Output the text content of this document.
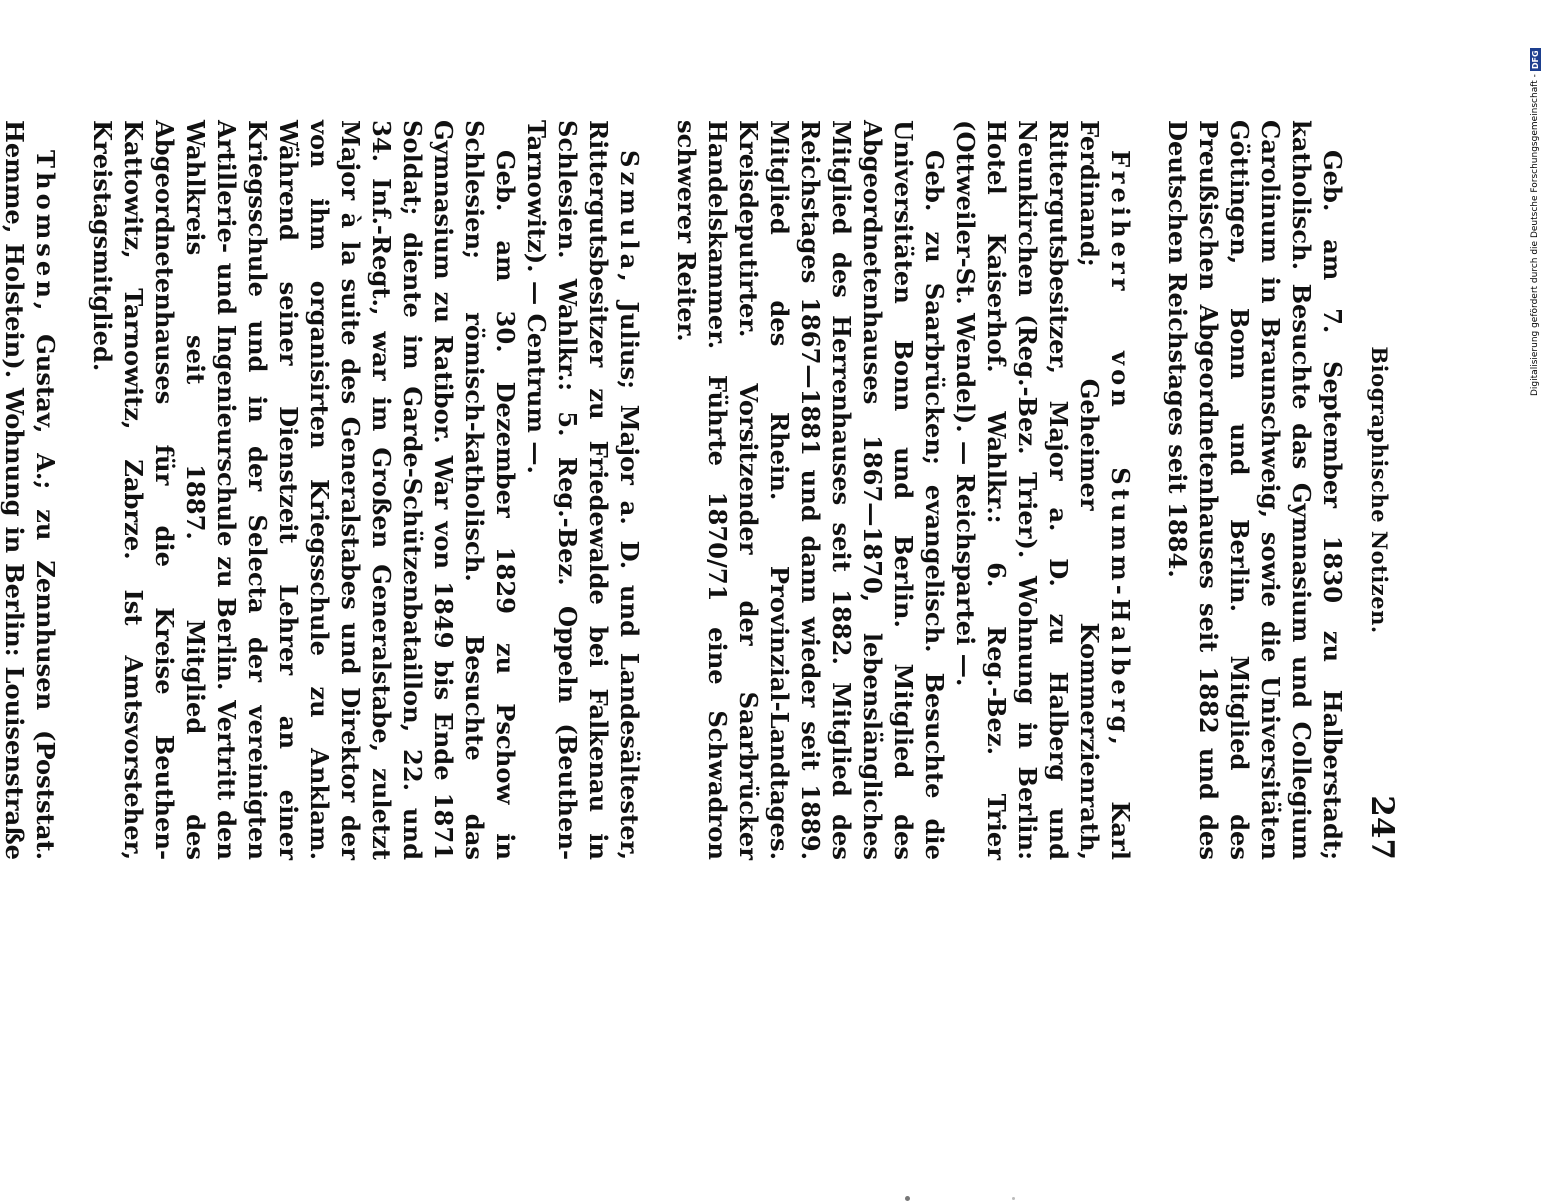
Biographische Notizen.
247

Geb. am 7. September 1830 zu Halberstadt; katholisch. Besuchte das Gymnasium und Collegium Carolinum in Braunschweig, sowie die Universitäten Göttingen, Bonn und Berlin. Mitglied des Preußischen Abgeordnetenhauses seit 1882 und des Deutschen Reichstages seit 1884.

Freiherr von Stumm-Halberg, Karl Ferdinand; Geheimer Kommerzienrath, Rittergutsbesitzer, Major a. D. zu Halberg und Neunkirchen (Reg.-Bez. Trier). Wohnung in Berlin: Hotel Kaiserhof. Wahlkr.: 6. Reg.-Bez. Trier (Ottweiler-St. Wendel). — Reichspartei —.

Geb. zu Saarbrücken; evangelisch. Besuchte die Universitäten Bonn und Berlin. Mitglied des Abgeordnetenhauses 1867—1870, lebenslängliches Mitglied des Herrenhauses seit 1882. Mitglied des Reichstages 1867—1881 und dann wieder seit 1889. Mitglied des Rhein. Provinzial-Landtages. Kreisdeputirter. Vorsitzender der Saarbrücker Handelskammer. Führte 1870/71 eine Schwadron schwerer Reiter.

Szmula, Julius; Major a. D. und Landesältester, Rittergutsbesitzer zu Friedewalde bei Falkenau in Schlesien. Wahlkr.: 5. Reg.-Bez. Oppeln (Beuthen-Tarnowitz). — Centrum —.

Geb. am 30. Dezember 1829 zu Pschow in Schlesien; römisch-katholisch. Besuchte das Gymnasium zu Ratibor. War von 1849 bis Ende 1871 Soldat; diente im Garde-Schützenbataillon, 22. und 34. Inf.-Regt., war im Großen Generalstabe, zuletzt Major à la suite des Generalstabes und Direktor der von ihm organisirten Kriegsschule zu Anklam. Während seiner Dienstzeit Lehrer an einer Kriegsschule und in der Selecta der vereinigten Artillerie- und Ingenieurschule zu Berlin. Vertritt den Wahlkreis seit 1887. Mitglied des Abgeordnetenhauses für die Kreise Beuthen-Kattowitz, Tarnowitz, Zabrze. Ist Amtsvorsteher, Kreistagsmitglied.

Thomsen, Gustav, A.; zu Zennhusen (Poststat. Hemme, Holstein). Wohnung in Berlin: Louisenstraße

Digitalisierung gefördert durch die Deutsche Forschungsgemeinschaft -
DFG
